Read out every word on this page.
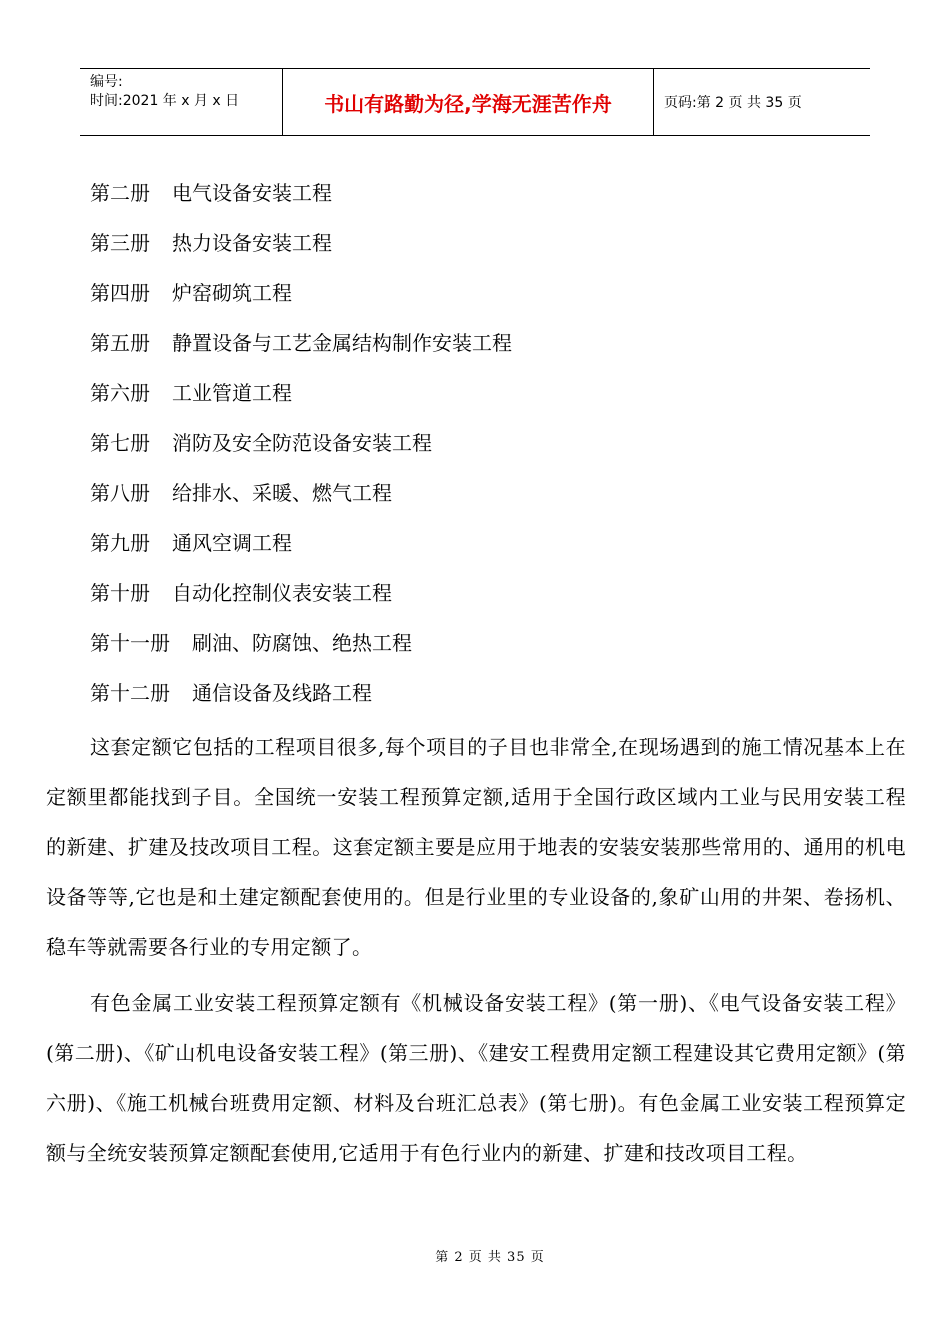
编号:
时间:2021 年 x 月 x 日	书山有路勤为径,学海无涯苦作舟	页码:第 2 页 共 35 页
第二册 电气设备安装工程
第三册 热力设备安装工程
第四册 炉窑砌筑工程
第五册 静置设备与工艺金属结构制作安装工程
第六册 工业管道工程
第七册 消防及安全防范设备安装工程
第八册 给排水、采暖、燃气工程
第九册 通风空调工程
第十册 自动化控制仪表安装工程
第十一册 刷油、防腐蚀、绝热工程
第十二册 通信设备及线路工程

这套定额它包括的工程项目很多,每个项目的子目也非常全,在现场遇到的施工情况基本上在定额里都能找到子目。全国统一安装工程预算定额,适用于全国行政区域内工业与民用安装工程的新建、扩建及技改项目工程。这套定额主要是应用于地表的安装安装那些常用的、通用的机电设备等等,它也是和土建定额配套使用的。但是行业里的专业设备的,象矿山用的井架、卷扬机、稳车等就需要各行业的专用定额了。

有色金属工业安装工程预算定额有《机械设备安装工程》(第一册)、《电气设备安装工程》(第二册)、《矿山机电设备安装工程》(第三册)、《建安工程费用定额工程建设其它费用定额》(第六册)、《施工机械台班费用定额、材料及台班汇总表》(第七册)。有色金属工业安装工程预算定额与全统安装预算定额配套使用,它适用于有色行业内的新建、扩建和技改项目工程。

第 2 页 共 35 页
